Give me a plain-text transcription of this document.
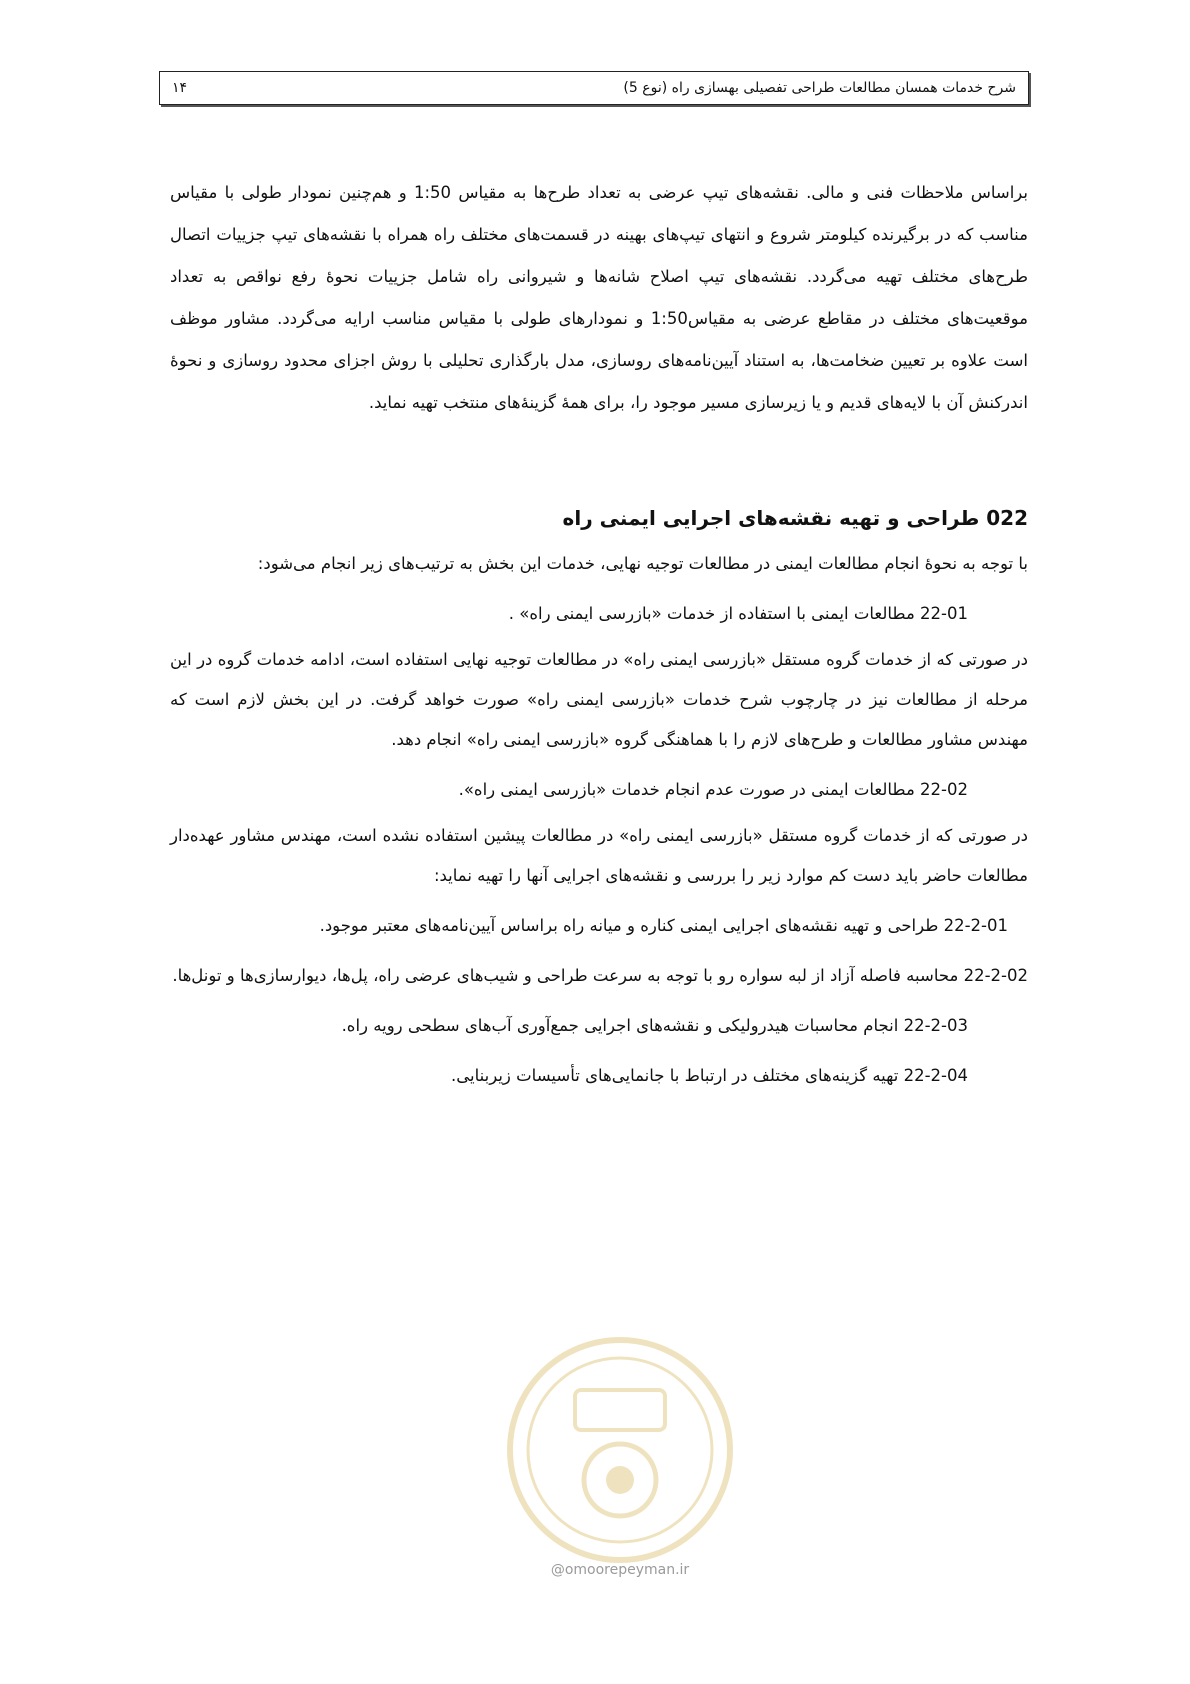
شرح خدمات همسان مطالعات طراحی تفصیلی بهسازی راه (نوع 5)
۱۴

براساس ملاحظات فنی و مالی. نقشه‌های تیپ عرضی به تعداد طرح‌ها به مقیاس 1:50 و هم‌چنین نمودار طولی با مقیاس مناسب که در برگیرنده کیلومتر شروع و انتهای تیپ‌های بهینه در قسمت‌های مختلف راه همراه با نقشه‌های تیپ جزییات اتصال طرح‌های مختلف تهیه می‌گردد. نقشه‌های تیپ اصلاح شانه‌ها و شیروانی راه شامل جزییات نحوۀ رفع نواقص به تعداد موقعیت‌های مختلف در مقاطع عرضی به مقیاس1:50 و نمودارهای طولی با مقیاس مناسب ارایه می‌گردد. مشاور موظف است علاوه بر تعیین ضخامت‌ها، به استناد آیین‌نامه‌های روسازی، مدل بارگذاری تحلیلی با روش اجزای محدود روسازی و نحوۀ اندرکنش آن با لایه‌های قدیم و یا زیرسازی مسیر موجود را، برای همۀ گزینۀهای منتخب تهیه نماید.

022 طراحی و تهیه نقشه‌های اجرایی ایمنی راه

با توجه به نحوۀ انجام مطالعات ایمنی در مطالعات توجیه نهایی، خدمات این بخش به ترتیب‌های زیر انجام می‌شود:

22-01 مطالعات ایمنی با استفاده از خدمات «بازرسی ایمنی راه» .

در صورتی که از خدمات گروه مستقل «بازرسی ایمنی راه» در مطالعات توجیه نهایی استفاده است، ادامه خدمات گروه در این مرحله از مطالعات نیز در چارچوب شرح خدمات «بازرسی ایمنی راه» صورت خواهد گرفت. در این بخش لازم است که مهندس مشاور مطالعات و طرح‌های لازم را با هماهنگی گروه «بازرسی ایمنی راه» انجام دهد.

22-02 مطالعات ایمنی در صورت عدم انجام خدمات «بازرسی ایمنی راه».

در صورتی که از خدمات گروه مستقل «بازرسی ایمنی راه» در مطالعات پیشین استفاده نشده است، مهندس مشاور عهده‌دار مطالعات حاضر باید دست کم موارد زیر را بررسی و نقشه‌های اجرایی آنها را تهیه نماید:

22-2-01 طراحی و تهیه نقشه‌های اجرایی ایمنی کناره و میانه راه براساس آیین‌نامه‌های معتبر موجود.

22-2-02 محاسبه فاصله آزاد از لبه سواره رو با توجه به سرعت طراحی و شیب‌های عرضی راه، پل‌ها، دیوارسازی‌ها و تونل‌ها.

22-2-03 انجام محاسبات هیدرولیکی و نقشه‌های اجرایی جمع‌آوری آب‌های سطحی رویه راه.

22-2-04 تهیه گزینه‌های مختلف در ارتباط با جانمایی‌های تأسیسات زیربنایی.

@omoorepeyman.ir
